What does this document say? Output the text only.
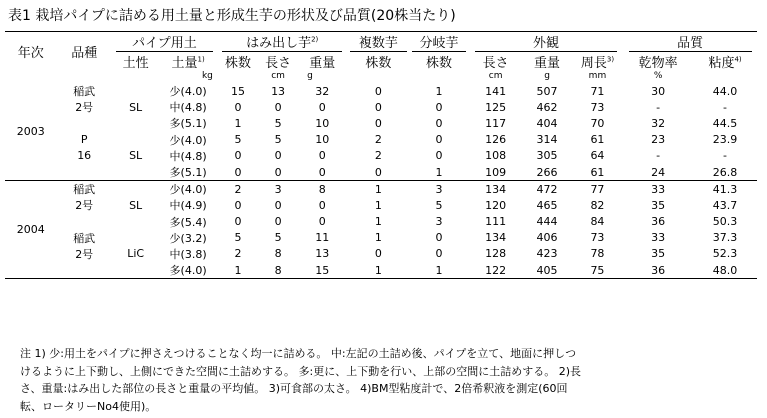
表1 栽培パイプに詰める用土量と形成生芋の形状及び品質(20株当たり)
年次	品種	パイプ用土		はみ出し芋$^{2)}$			複数芋	分岐芋	外観			品質	
		土性	土量$^{1)}$	株数	長さ	重量	株数	株数	長さ	重量	周長$^{3)}$	乾物率	粘度$^{4)}$
			kg		cm	g			cm	g	mm	%	
2003	稲武		少(4.0)	15	13	32	0	1	141	507	71	30	44.0
	2号	SL	中(4.8)	0	0	0	0	0	125	462	73	-	-
			多(5.1)	1	5	10	0	0	117	404	70	32	44.5
	P		少(4.0)	5	5	10	2	0	126	314	61	23	23.9
	16	SL	中(4.8)	0	0	0	2	0	108	305	64	-	-
			多(5.1)	0	0	0	0	1	109	266	61	24	26.8
2004	稲武		少(4.0)	2	3	8	1	3	134	472	77	33	41.3
	2号	SL	中(4.9)	0	0	0	1	5	120	465	82	35	43.7
			多(5.4)	0	0	0	1	3	111	444	84	36	50.3
	稲武		少(3.2)	5	5	11	1	0	134	406	73	33	37.3
	2号	LiC	中(3.8)	2	8	13	0	0	128	423	78	35	52.3
			多(4.0)	1	8	15	1	1	122	405	75	36	48.0
注 1) 少:用土をパイプに押さえつけることなく均一に詰める。 中:左記の土詰め後、パイプを立て、地面に押しつ
けるように上下動し、上側にできた空間に土詰めする。 多:更に、上下動を行い、上部の空間に土詰めする。 2)長
さ、重量:はみ出した部位の長さと重量の平均値。 3)可食部の太さ。 4)BM型粘度計で、2倍希釈液を測定(60回
転、ロータリーNo4使用)。
